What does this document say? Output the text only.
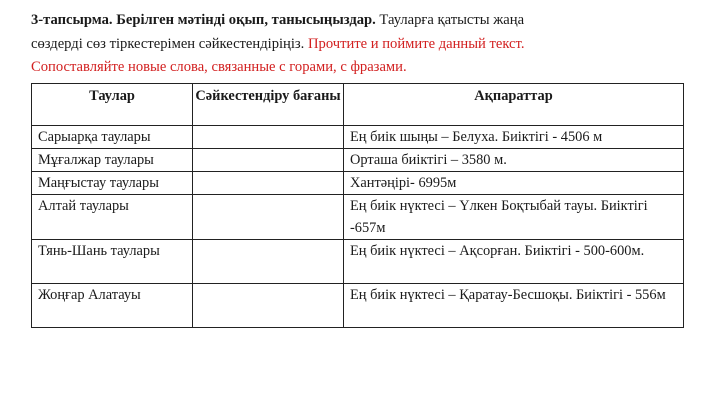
3-тапсырма. Берілген мәтінді оқып, танысыңыздар. Тауларға қатысты жаңа
сөздерді сөз тіркестерімен сәйкестендіріңіз. Прочтите и поймите данный текст.
Сопоставляйте новые слова, связанные с горами, с фразами.
Таулар	Сәйкестендіру бағаны	Ақпараттар
Сарыарқа таулары		Ең биік шыңы – Белуха. Биіктігі - 4506 м
Мұғалжар таулары		Орташа биіктігі – 3580 м.
Маңғыстау таулары		Хантәңірі- 6995м
Алтай таулары		Ең биік нүктесі – Үлкен Боқтыбай тауы. Биіктігі -657м
Тянь-Шань таулары		Ең биік нүктесі – Ақсорған. Биіктігі - 500-600м.
Жоңғар Алатауы		Ең биік нүктесі – Қаратау-Бесшоқы. Биіктігі - 556м
